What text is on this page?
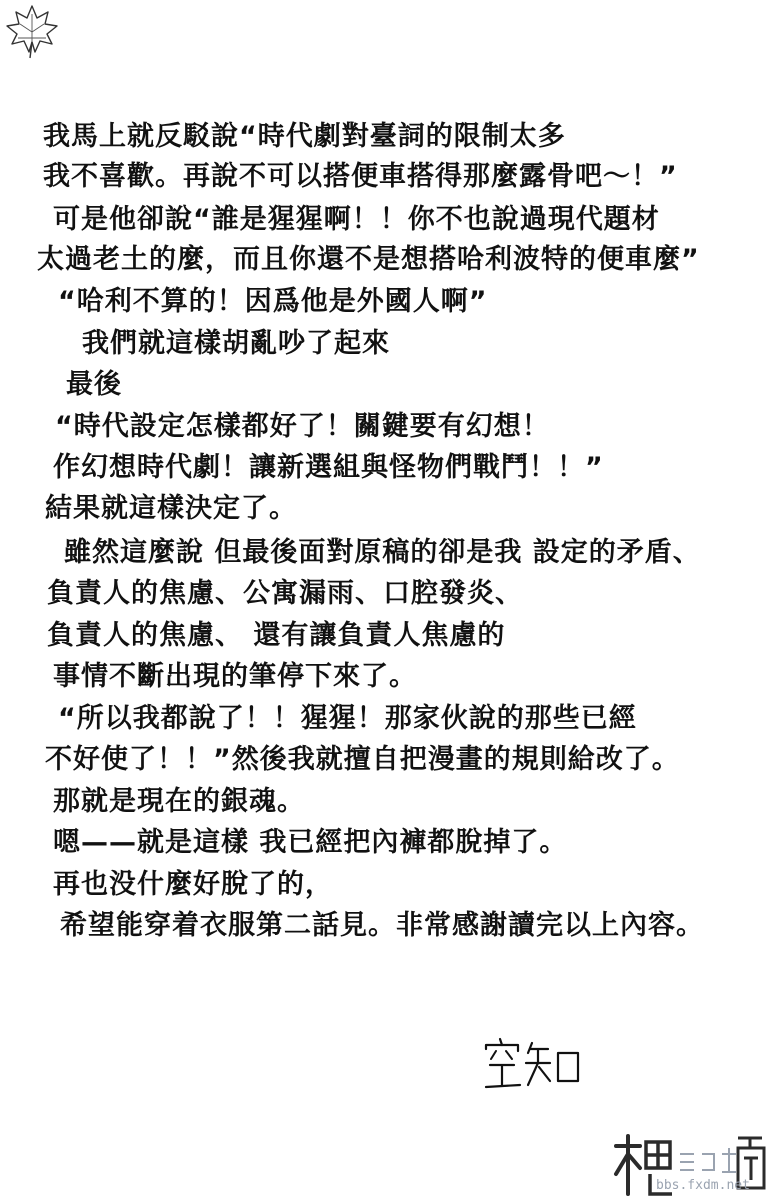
我馬上就反駁說“時代劇對臺詞的限制太多
我不喜歡。再說不可以搭便車搭得那麼露骨吧～！”
可是他卻說“誰是猩猩啊！！你不也說過現代題材
太過老土的麼，而且你還不是想搭哈利波特的便車麼”
“哈利不算的！因爲他是外國人啊”
我們就這樣胡亂吵了起來
最後
“時代設定怎樣都好了！關鍵要有幻想！
作幻想時代劇！讓新選組與怪物們戰鬥！！”
結果就這樣決定了。
雖然這麼說 但最後面對原稿的卻是我 設定的矛盾、
負責人的焦慮、公寓漏雨、口腔發炎、
負責人的焦慮、 還有讓負責人焦慮的
事情不斷出現的筆停下來了。
“所以我都說了！！猩猩！那家伙說的那些已經
不好使了！！”然後我就擅自把漫畫的規則給改了。
那就是現在的銀魂。
嗯——就是這樣 我已經把內褲都脫掉了。
再也没什麼好脫了的，
希望能穿着衣服第二話見。非常感謝讀完以上內容。
bbs.fxdm.net
